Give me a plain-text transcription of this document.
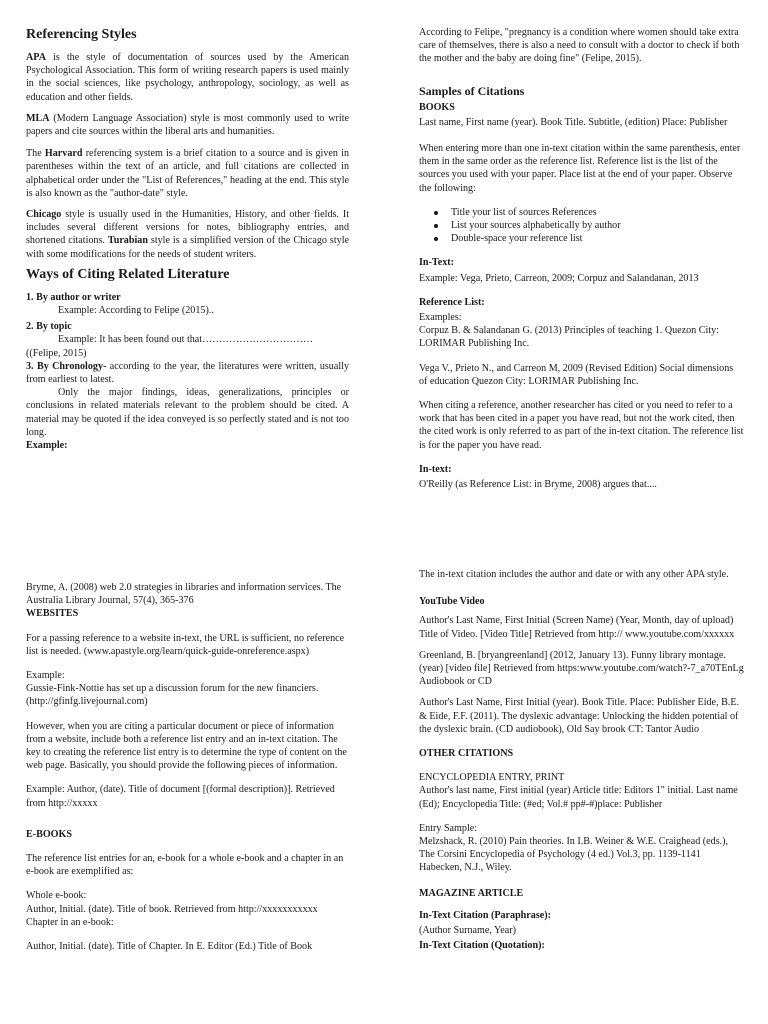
Referencing Styles

APA is the style of documentation of sources used by the American Psychological Association. This form of writing research papers is used mainly in the social sciences, like psychology, anthropology, sociology, as well as education and other fields.

MLA (Modern Language Association) style is most commonly used to write papers and cite sources within the liberal arts and humanities.

The Harvard referencing system is a brief citation to a source and is given in parentheses within the text of an article, and full citations are collected in alphabetical order under the "List of References," heading at the end. This style is also known as the "author-date" style.

Chicago style is usually used in the Humanities, History, and other fields. It includes several different versions for notes, bibliography entries, and shortened citations. Turabian style is a simplified version of the Chicago style with some modifications for the needs of student writers.

Ways of Citing Related Literature

1. By author or writer

Example: According to Felipe (2015)..

2. By topic

Example: It has been found out that……………………………

((Felipe, 2015)

3. By Chronology- according to the year, the literatures were written, usually from earliest to latest.

Only the major findings, ideas, generalizations, principles or conclusions in related materials relevant to the problem should be cited. A material may be quoted if the idea conveyed is so perfectly stated and is not too long.

Example:

According to Felipe, "pregnancy is a condition where women should take extra care of themselves, there is also a need to consult with a doctor to check if both the mother and the baby are doing fine" (Felipe, 2015).

Samples of Citations

BOOKS

Last name, First name (year). Book Title. Subtitle, (edition) Place: Publisher

When entering more than one in-text citation within the same parenthesis, enter them in the same order as the reference list. Reference list is the list of the sources you used with your paper. Place list at the end of your paper. Observe the following:

Title your list of sources References
List your sources alphabetically by author
Double-space your reference list

In-Text:

Example: Vega, Prieto, Carreon, 2009; Corpuz and Salandanan, 2013

Reference List:

Examples:

Corpuz B. & Salandanan G. (2013) Principles of teaching 1. Quezon City: LORIMAR Publishing Inc.

Vega V., Prieto N., and Carreon M, 2009 (Revised Edition) Social dimensions of education Quezon City: LORIMAR Publishing Inc.

When citing a reference, another researcher has cited or you need to refer to a work that has been cited in a paper you have read, but not the work cited, then the cited work is only referred to as part of the in-text citation. The reference list is for the paper you have read.

In-text:

O'Reilly (as Reference List: in Bryme, 2008) argues that....

Bryme, A. (2008) web 2.0 strategies in libraries and information services. The Australia Library Journal, 57(4), 365-376

WEBSITES

For a passing reference to a website in-text, the URL is sufficient, no reference list is needed. (www.apastyle.org/learn/quick-guide-onreference.aspx)

Example:

Gussie-Fink-Nottie has set up a discussion forum for the new financiers. (http://gfinfg.livejournal.com)

However, when you are citing a particular document or piece of information from a website, include both a reference list entry and an in-text citation. The key to creating the reference list entry is to determine the type of content on the web page. Basically, you should provide the following pieces of information.

Example: Author, (date). Title of document [(formal description)]. Retrieved from http://xxxxx

E-BOOKS

The reference list entries for an, e-book for a whole e-book and a chapter in an e-book are exemplified as:

Whole e-book:

Author, Initial. (date). Title of book. Retrieved from http://xxxxxxxxxxx

Chapter in an e-book:

Author, Initial. (date). Title of Chapter. In E. Editor (Ed.) Title of Book

The in-text citation includes the author and date or with any other APA style.

YouTube Video

Author's Last Name, First Initial (Screen Name) (Year, Month, day of upload) Title of Video. [Video Title] Retrieved from http:// www.youtube.com/xxxxxx

Greenland, B. [bryangreenland] (2012, January 13). Funny library montage. (year) [video file] Retrieved from https:www.youtube.com/watch?-7_a70TEnLg Audiobook or CD

Author's Last Name, First Initial (year). Book Title. Place: Publisher Eide, B.E. & Eide, F.F. (2011). The dyslexic advantage: Unlocking the hidden potential of the dyslexic brain. (CD audiobook), Old Say brook CT: Tantor Audio

OTHER CITATIONS

ENCYCLOPEDIA ENTRY, PRINT

Author's last name, First initial (year) Article title: Editors 1" initial. Last name (Ed); Encyclopedia Title: (#ed; Vol.# pp#-#)place: Publisher

Entry Sample:

Melzshack, R. (2010) Pain theories. In I.B. Weiner & W.E. Craighead (eds.), The Corsini Encyclopedia of Psychology (4 ed.) Vol.3, pp. 1139-1141 Habecken, N.J., Wiley.

MAGAZINE ARTICLE

In-Text Citation (Paraphrase):

(Author Surname, Year)

In-Text Citation (Quotation):
